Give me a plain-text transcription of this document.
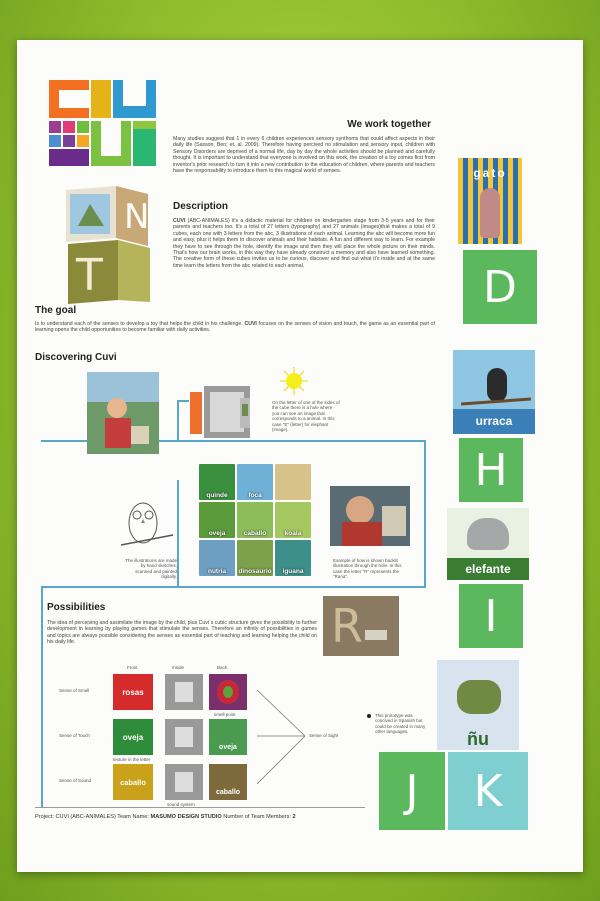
We work together
Many studies suggest that 1 in every 6 children experiences sensory synthoms that could affect aspects in their daily life (Sasson, Ben; et. al. 2009). Therefore having percived no stimulation and sensory input, children with Sensory Disorders are deprived of a normal life, day by day the whole activities should be planned and carefully thought. It is important to understand that everyone is involved on this work, the creation of a toy comes first from inventor's prior research to turn it into a new contribution to the education of children, where parents and teachers have the responsability to introduce them to this magical world of senses.
N
T
Description
CUVI (ABC-ANIMALES) it's a didactic material for children on kindergarten stage from 3-5 years and for their parents and teachers too. It's a total of 27 letters (typography) and 27 animals (images)that makes a total of 9 cubes, each one with 3 letters from the abc, 3 illustrations of each animal. Learning the abc will become more fun and easy, plus it helps them to discover animals and their habitats. A fun and different way to learn. For example they have to see through the hole, identify the image and then they will place the whole picture on their minds. That's how our brain works, in this way they have already construct a memory and also have learned something. The creative form of these cubes invites us to be curious, discover and find out what it's inside and at the same time learn the letters from the abc related to each animal.
The goal
Is to understand each of the senses to develop a toy that helps the child in his challenge. CUVI focuses on the senses of vision and touch, the game as an essential part of learning opens the child opportunities to become familiar with daily activities.
Discovering Cuvi
On the letter of one of the sides of the cube there is a hole where you can see an image that corresponds to a animal. In this case "E" (letter) for elephant (image).
The illustrations are made by hand sketches, scanned and painted digitally.
quinde	foca
oveja	caballo	koala
nutria	dinosaurio	iguana
Example of how is shown backlit illustration through the hole. In this case the letter "R" represents the "Rana".
R
Possibilities
The idea of perceiving and assimilate the image by the child, plus Cuvi´s cubic structure gives the possibility to further development in learning by playing games that stimulate the senses. Therefore an infinity of possibilities in games and topics are always possible considering the senses as essential part of teaching and learning helping the child on his daily life.
Front	Inside	Back
Sense of Smell	rosas
smell point
Sense of Touch	oveja
oveja
texture in the letter
Sense of Sound	caballo
caballo
sound system
Sense of Sight
This prototype was concived in Spanish but could be created in many other languages.
gato
D
urraca
H
elefante
I
ñu
J	K
Project: CUVI (ABC-ANIMALES) Team Name: MASUMO DESIGN STUDIO Number of Team Members: 2
